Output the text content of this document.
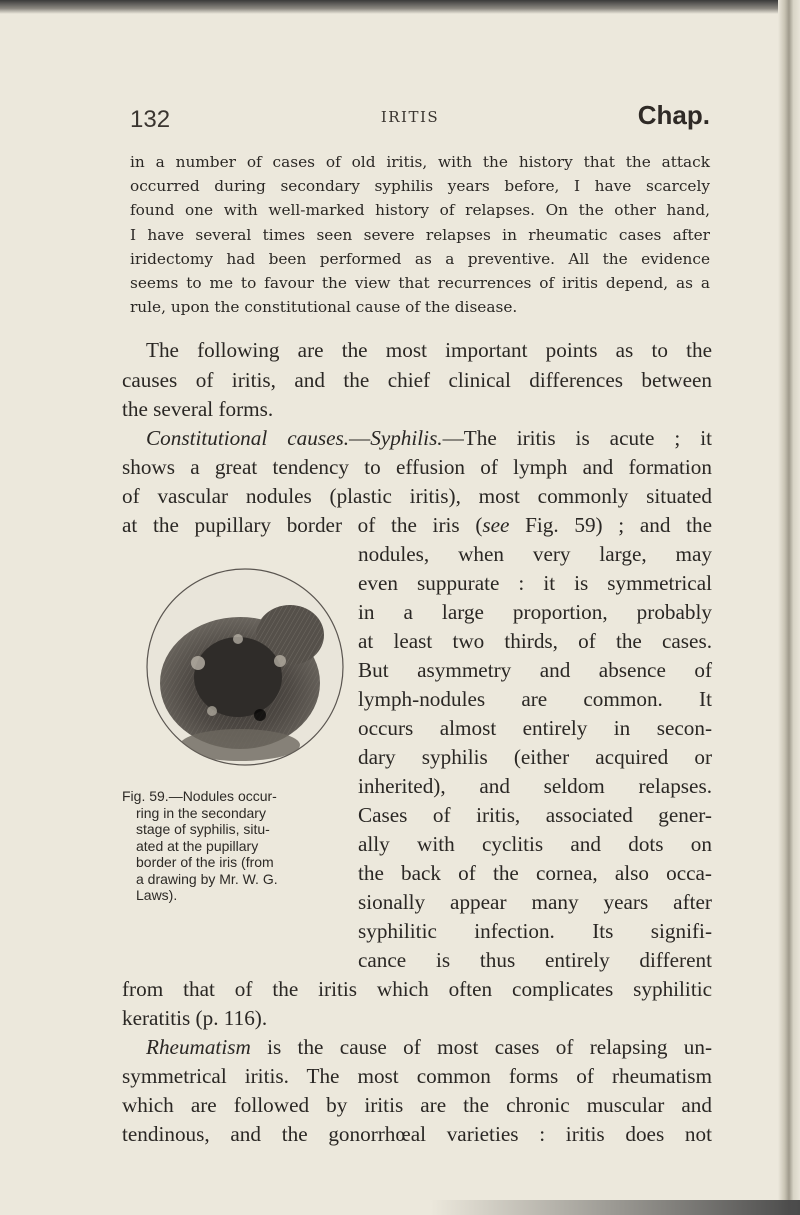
132	IRITIS	Chap.
in a number of cases of old iritis, with the history that the attack
occurred during secondary syphilis years before, I have scarcely
found one with well-marked history of relapses. On the other hand,
I have several times seen severe relapses in rheumatic cases after
iridectomy had been performed as a preventive. All the evidence
seems to me to favour the view that recurrences of iritis depend, as a
rule, upon the constitutional cause of the disease.
The following are the most important points as to the
causes of iritis, and the chief clinical differences between
the several forms.
Constitutional causes.—Syphilis.—The iritis is acute ; it
shows a great tendency to effusion of lymph and formation
of vascular nodules (plastic iritis), most commonly situated
at the pupillary border of the iris (see Fig. 59) ; and the
nodules, when very large, may
even suppurate : it is symmetrical
in a large proportion, probably
at least two thirds, of the cases.
But asymmetry and absence of
lymph-nodules are common. It
occurs almost entirely in secon-
dary syphilis (either acquired or
inherited), and seldom relapses.
Cases of iritis, associated gener-
ally with cyclitis and dots on
the back of the cornea, also occa-
sionally appear many years after
syphilitic infection. Its signifi-
cance is thus entirely different
from that of the iritis which often complicates syphilitic
keratitis (p. 116).
Rheumatism is the cause of most cases of relapsing un-
symmetrical iritis. The most common forms of rheumatism
which are followed by iritis are the chronic muscular and
tendinous, and the gonorrhœal varieties : iritis does not
Fig. 59.—Nodules occur-
ring in the secondary
stage of syphilis, situ-
ated at the pupillary
border of the iris (from
a drawing by Mr. W. G.
Laws).
